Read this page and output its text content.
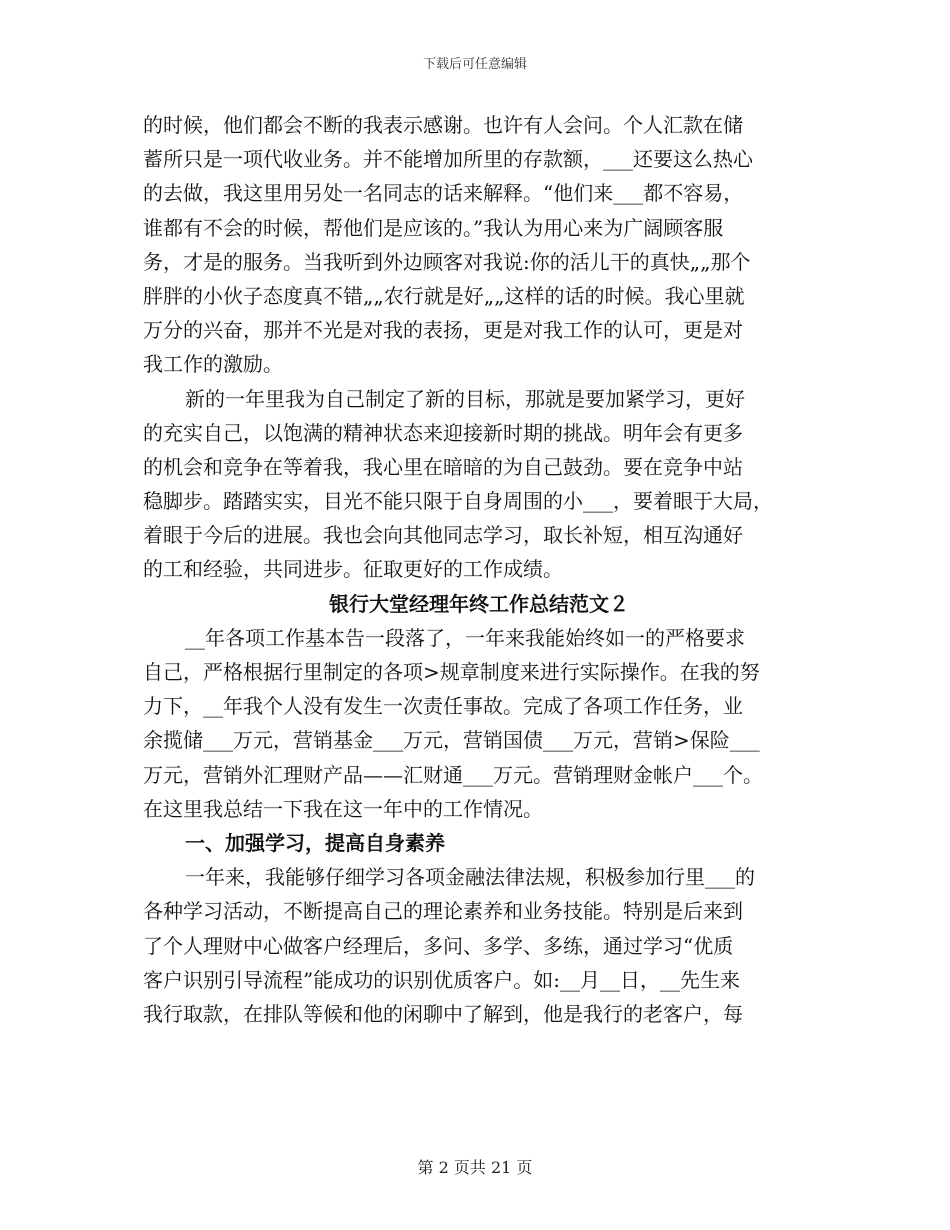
下载后可任意编辑
的时候，他们都会不断的我表示感谢。也许有人会问。个人汇款在储
蓄所只是一项代收业务。并不能增加所里的存款额，___还要这么热心
的去做，我这里用另处一名同志的话来解释。“他们来___都不容易，
谁都有不会的时候，帮他们是应该的。”我认为用心来为广阔顾客服
务，才是的服务。当我听到外边顾客对我说:你的活儿干的真快„„那个
胖胖的小伙子态度真不错„„农行就是好„„这样的话的时候。我心里就
万分的兴奋，那并不光是对我的表扬，更是对我工作的认可，更是对
我工作的激励。
新的一年里我为自己制定了新的目标，那就是要加紧学习，更好
的充实自己，以饱满的精神状态来迎接新时期的挑战。明年会有更多
的机会和竞争在等着我，我心里在暗暗的为自己鼓劲。要在竞争中站
稳脚步。踏踏实实，目光不能只限于自身周围的小___，要着眼于大局，
着眼于今后的进展。我也会向其他同志学习，取长补短，相互沟通好
的工和经验，共同进步。征取更好的工作成绩。
银行大堂经理年终工作总结范文２
__年各项工作基本告一段落了，一年来我能始终如一的严格要求
自己，严格根据行里制定的各项>规章制度来进行实际操作。在我的努
力下，__年我个人没有发生一次责任事故。完成了各项工作任务，业
余揽储___万元，营销基金___万元，营销国债___万元，营销>保险___
万元，营销外汇理财产品——汇财通___万元。营销理财金帐户___个。
在这里我总结一下我在这一年中的工作情况。
一、加强学习，提高自身素养
一年来，我能够仔细学习各项金融法律法规，积极参加行里___的
各种学习活动，不断提高自己的理论素养和业务技能。特别是后来到
了个人理财中心做客户经理后，多问、多学、多练，通过学习“优质
客户识别引导流程”能成功的识别优质客户。如:__月__日，__先生来
我行取款，在排队等候和他的闲聊中了解到，他是我行的老客户，每
第 2 页共 21 页
